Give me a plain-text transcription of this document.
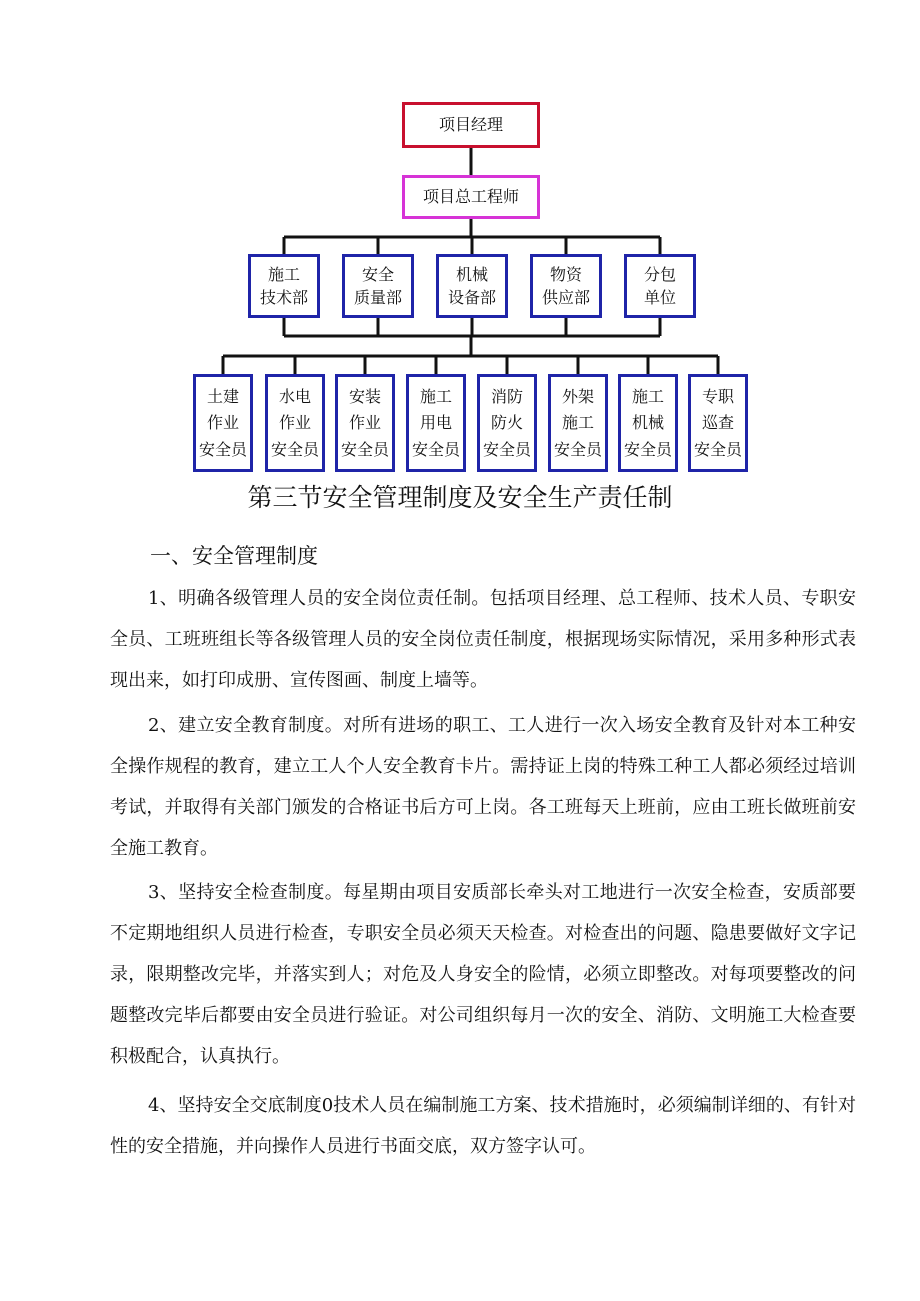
项目经理
项目总工程师
施工
技术部
安全
质量部
机械
设备部
物资
供应部
分包
单位
土建
作业
安全员
水电
作业
安全员
安装
作业
安全员
施工
用电
安全员
消防
防火
安全员
外架
施工
安全员
施工
机械
安全员
专职
巡查
安全员
第三节安全管理制度及安全生产责任制
一、安全管理制度

1、明确各级管理人员的安全岗位责任制。包括项目经理、总工程师、技术人员、专职安全员、工班班组长等各级管理人员的安全岗位责任制度，根据现场实际情况，采用多种形式表现出来，如打印成册、宣传图画、制度上墙等。

2、建立安全教育制度。对所有进场的职工、工人进行一次入场安全教育及针对本工种安全操作规程的教育，建立工人个人安全教育卡片。需持证上岗的特殊工种工人都必须经过培训考试，并取得有关部门颁发的合格证书后方可上岗。各工班每天上班前，应由工班长做班前安全施工教育。

3、坚持安全检查制度。每星期由项目安质部长牵头对工地进行一次安全检查，安质部要不定期地组织人员进行检查，专职安全员必须天天检查。对检查出的问题、隐患要做好文字记录，限期整改完毕，并落实到人；对危及人身安全的险情，必须立即整改。对每项要整改的问题整改完毕后都要由安全员进行验证。对公司组织每月一次的安全、消防、文明施工大检查要积极配合，认真执行。

4、坚持安全交底制度0技术人员在编制施工方案、技术措施时，必须编制详细的、有针对性的安全措施，并向操作人员进行书面交底，双方签字认可。
